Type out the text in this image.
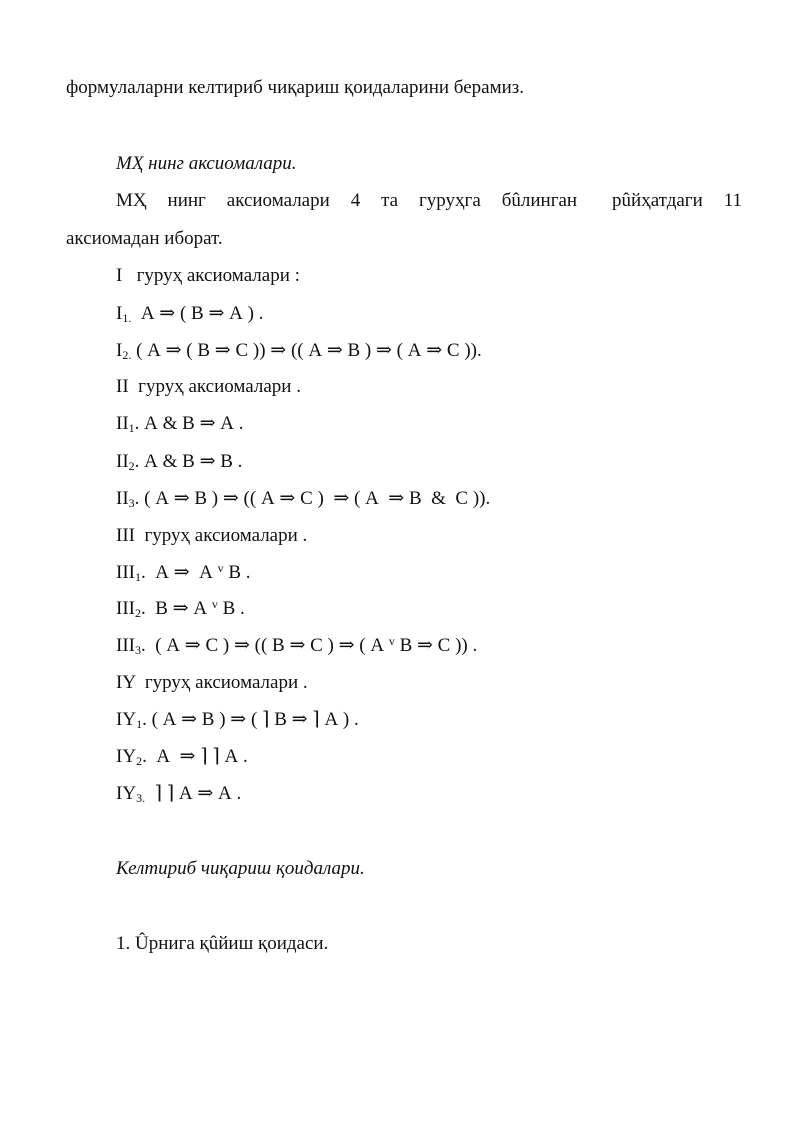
формулаларни келтириб чиқариш қоидаларини берамиз.
МҲ нинг аксиомалари.
МҲ нинг аксиомалари 4 та гуруҳга бûлинган рûйҳатдаги 11
аксиомадан иборат.
I   гуруҳ аксиомалари :
$I_{1.}$  А ⇒ ( В ⇒ А ) .
$I_{2.}$ ( А ⇒ ( В ⇒ С )) ⇒ (( А ⇒ В ) ⇒ ( А ⇒ С )).
II  гуруҳ аксиомалари .
$II_1$. А & В ⇒ А .
$II_2$. А & В ⇒ В .
$II_3$. ( А ⇒ В ) ⇒ (( А ⇒ С )  ⇒ ( А  ⇒ В  &  С )).
III  гуруҳ аксиомалари .
$III_1$.  А ⇒  А $^v$ В .
$III_2$.  В ⇒ А $^v$ В .
$III_3$.  ( А ⇒ С ) ⇒ (( В ⇒ С ) ⇒ ( А $^v$ В ⇒ С )) .
IY  гуруҳ аксиомалари .
$IY_1$. ( А ⇒ В ) ⇒ ( ⌉ В ⇒ ⌉ А ) .
$IY_2$.  А  ⇒ ⌉ ⌉ А .
$IY_{3.}$  ⌉ ⌉ А ⇒ А .
Келтириб чиқариш қоидалари.
1. Ûрнига қûйиш қоидаси.
